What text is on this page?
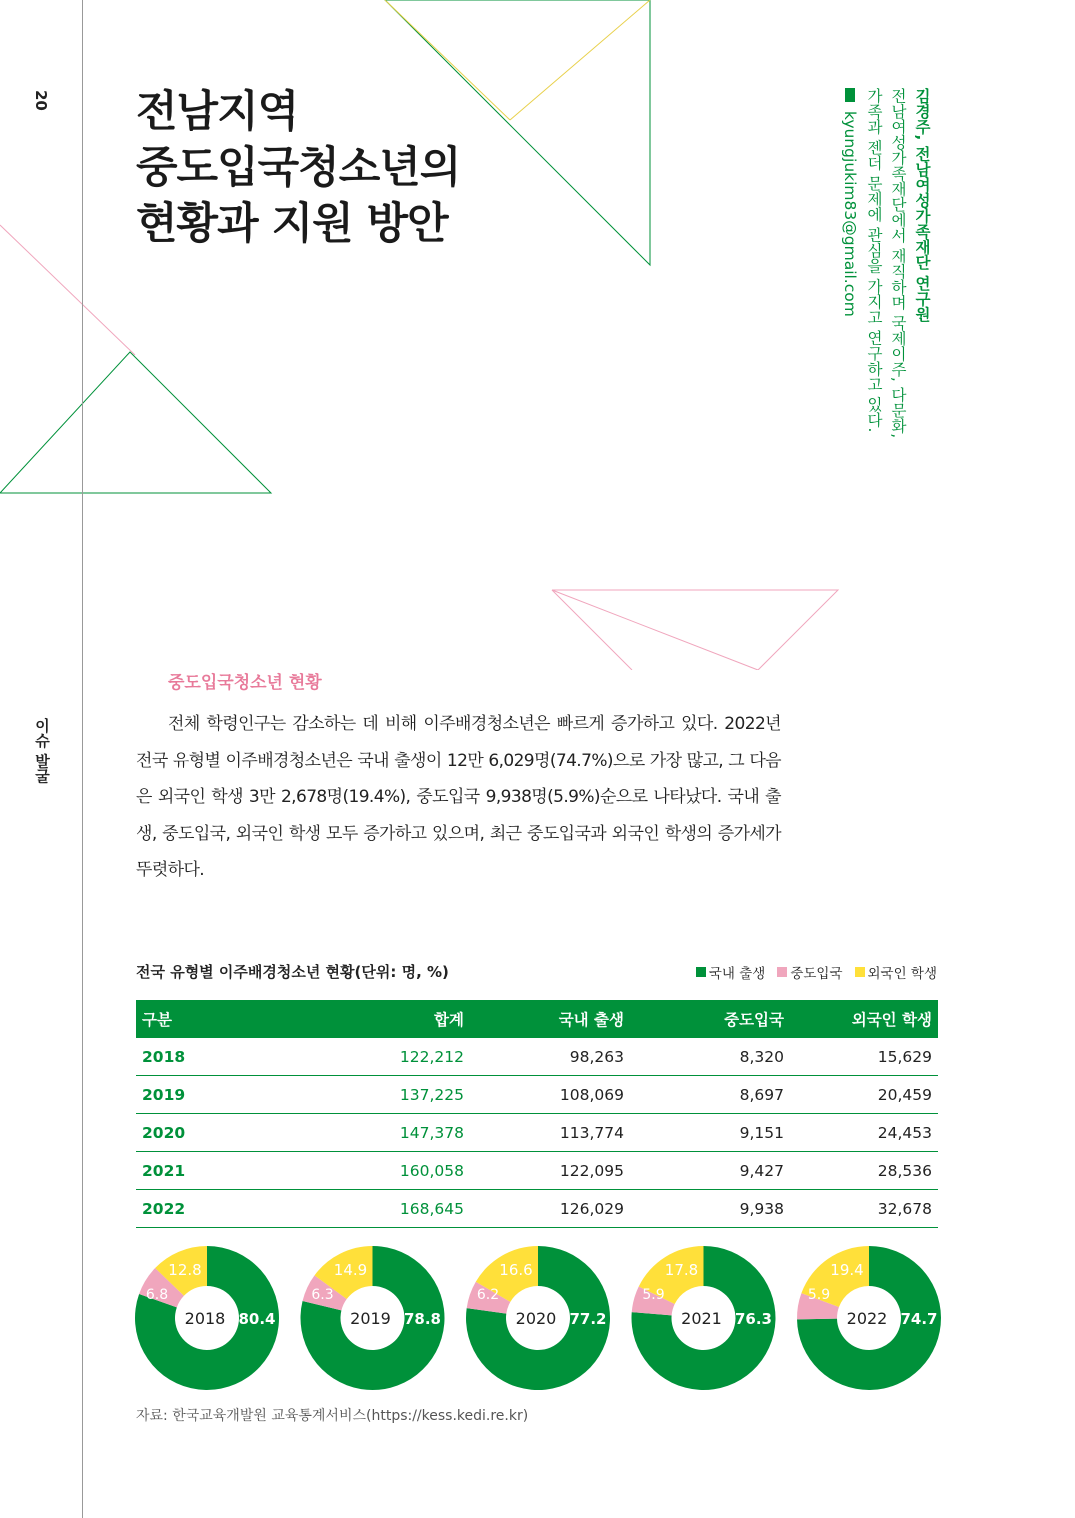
20
이슈 발굴
전남지역
중도입국청소년의
현황과 지원 방안	김경주, 전남여성가족재단 연구원
전남여성가족재단에서 재직하며 국제이주, 다문화,
가족과 젠더 문제에 관심을 가지고 연구하고 있다.
kyungjukim83@gmail.com
중도입국청소년 현황
전체 학령인구는 감소하는 데 비해 이주배경청소년은 빠르게 증가하고 있다. 2022년 전국 유형별 이주배경청소년은 국내 출생이 12만 6,029명(74.7%)으로 가장 많고, 그 다음은 외국인 학생 3만 2,678명(19.4%), 중도입국 9,938명(5.9%)순으로 나타났다. 국내 출생, 중도입국, 외국인 학생 모두 증가하고 있으며, 최근 중도입국과 외국인 학생의 증가세가 뚜렷하다.
전국 유형별 이주배경청소년 현황(단위: 명, %)	국내 출생 중도입국 외국인 학생
구분	합계	국내 출생	중도입국	외국인 학생
2018	122,212	98,263	8,320	15,629
2019	137,225	108,069	8,697	20,459
2020	147,378	113,774	9,151	24,453
2021	160,058	122,095	9,427	28,536
2022	168,645	126,029	9,938	32,678
2018 80.4
6.8
12.8
2019 78.8
6.3
14.9
2020 77.2
6.2
16.6
2021 76.3
5.9
17.8
2022 74.7
5.9
19.4
자료: 한국교육개발원 교육통계서비스(https://kess.kedi.re.kr)
